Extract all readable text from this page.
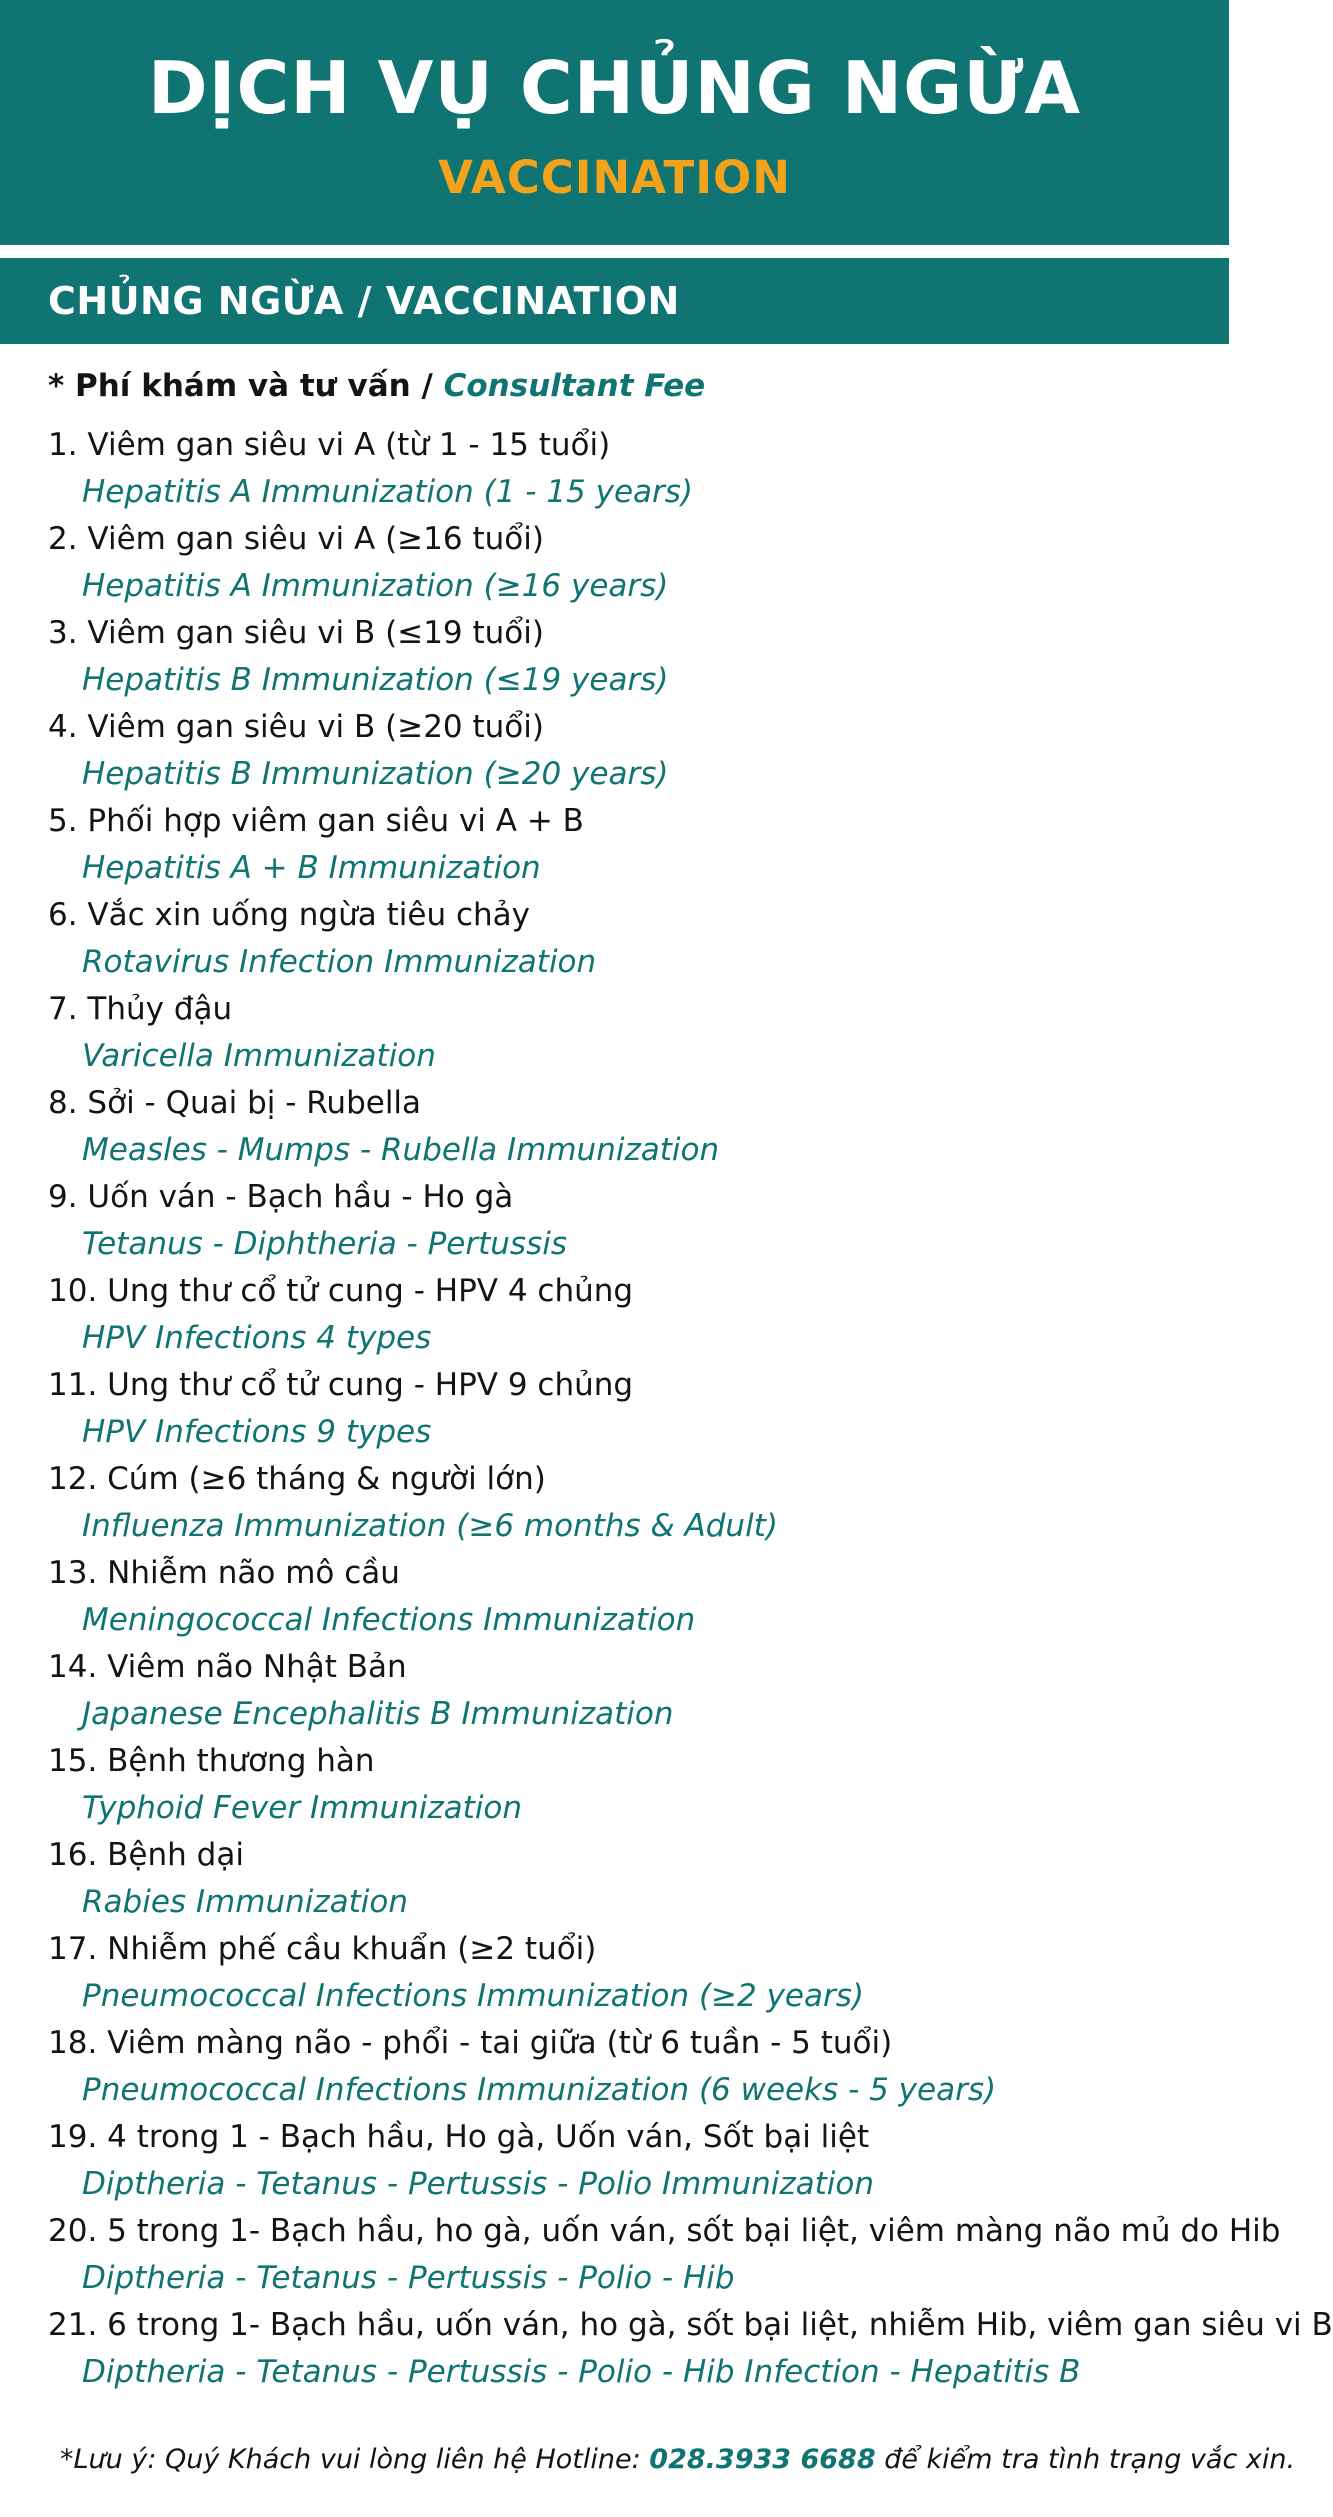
DỊCH VỤ CHỦNG NGỪA
VACCINATION
CHỦNG NGỪA / VACCINATION
* Phí khám và tư vấn / Consultant Fee
1. Viêm gan siêu vi A (từ 1 - 15 tuổi)
Hepatitis A Immunization (1 - 15 years)
2. Viêm gan siêu vi A (≥16 tuổi)
Hepatitis A Immunization (≥16 years)
3. Viêm gan siêu vi B (≤19 tuổi)
Hepatitis B Immunization (≤19 years)
4. Viêm gan siêu vi B (≥20 tuổi)
Hepatitis B Immunization (≥20 years)
5. Phối hợp viêm gan siêu vi A + B
Hepatitis A + B Immunization
6. Vắc xin uống ngừa tiêu chảy
Rotavirus Infection Immunization
7. Thủy đậu
Varicella Immunization
8. Sởi - Quai bị - Rubella
Measles - Mumps - Rubella Immunization
9. Uốn ván - Bạch hầu - Ho gà
Tetanus - Diphtheria - Pertussis
10. Ung thư cổ tử cung - HPV 4 chủng
HPV Infections 4 types
11. Ung thư cổ tử cung - HPV 9 chủng
HPV Infections 9 types
12. Cúm (≥6 tháng & người lớn)
Influenza Immunization (≥6 months & Adult)
13. Nhiễm não mô cầu
Meningococcal Infections Immunization
14. Viêm não Nhật Bản
Japanese Encephalitis B Immunization
15. Bệnh thương hàn
Typhoid Fever Immunization
16. Bệnh dại
Rabies Immunization
17. Nhiễm phế cầu khuẩn (≥2 tuổi)
Pneumococcal Infections Immunization (≥2 years)
18. Viêm màng não - phổi - tai giữa (từ 6 tuần - 5 tuổi)
Pneumococcal Infections Immunization (6 weeks - 5 years)
19. 4 trong 1 - Bạch hầu, Ho gà, Uốn ván, Sốt bại liệt
Diptheria - Tetanus - Pertussis - Polio Immunization
20. 5 trong 1- Bạch hầu, ho gà, uốn ván, sốt bại liệt, viêm màng não mủ do Hib
Diptheria - Tetanus - Pertussis - Polio - Hib
21. 6 trong 1- Bạch hầu, uốn ván, ho gà, sốt bại liệt, nhiễm Hib, viêm gan siêu vi B
Diptheria - Tetanus - Pertussis - Polio - Hib Infection - Hepatitis B
*Lưu ý: Quý Khách vui lòng liên hệ Hotline: 028.3933 6688 để kiểm tra tình trạng vắc xin.
